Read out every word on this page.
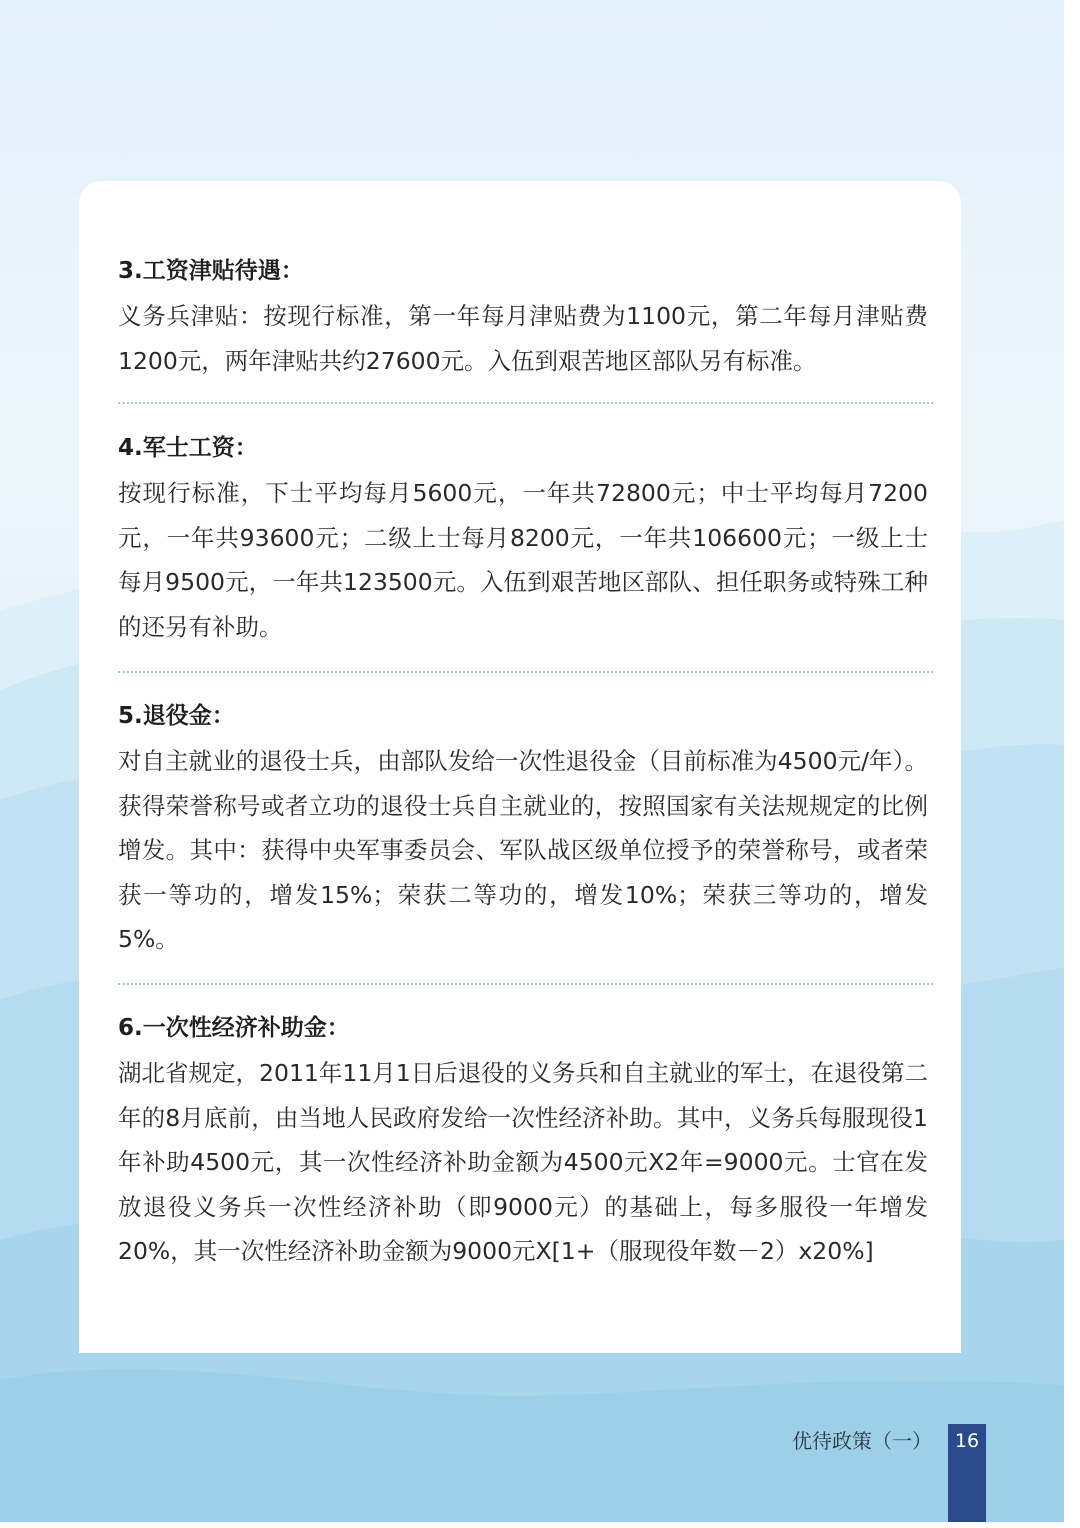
3.工资津贴待遇：

义务兵津贴：按现行标准，第一年每月津贴费为1100元，第二年每月津贴费1200元，两年津贴共约27600元。入伍到艰苦地区部队另有标准。

4.军士工资：

按现行标准，下士平均每月5600元，一年共72800元；中士平均每月7200元，一年共93600元；二级上士每月8200元，一年共106600元；一级上士每月9500元，一年共123500元。入伍到艰苦地区部队、担任职务或特殊工种的还另有补助。

5.退役金：

对自主就业的退役士兵，由部队发给一次性退役金（目前标准为4500元/年）。获得荣誉称号或者立功的退役士兵自主就业的，按照国家有关法规规定的比例增发。其中：获得中央军事委员会、军队战区级单位授予的荣誉称号，或者荣获一等功的，增发15%；荣获二等功的，增发10%；荣获三等功的，增发5%。

6.一次性经济补助金：

湖北省规定，2011年11月1日后退役的义务兵和自主就业的军士，在退役第二年的8月底前，由当地人民政府发给一次性经济补助。其中，义务兵每服现役1年补助4500元，其一次性经济补助金额为4500元X2年=9000元。士官在发放退役义务兵一次性经济补助（即9000元）的基础上，每多服役一年增发20%，其一次性经济补助金额为9000元X[1+（服现役年数－2）x20%]

优待政策（一）	16
